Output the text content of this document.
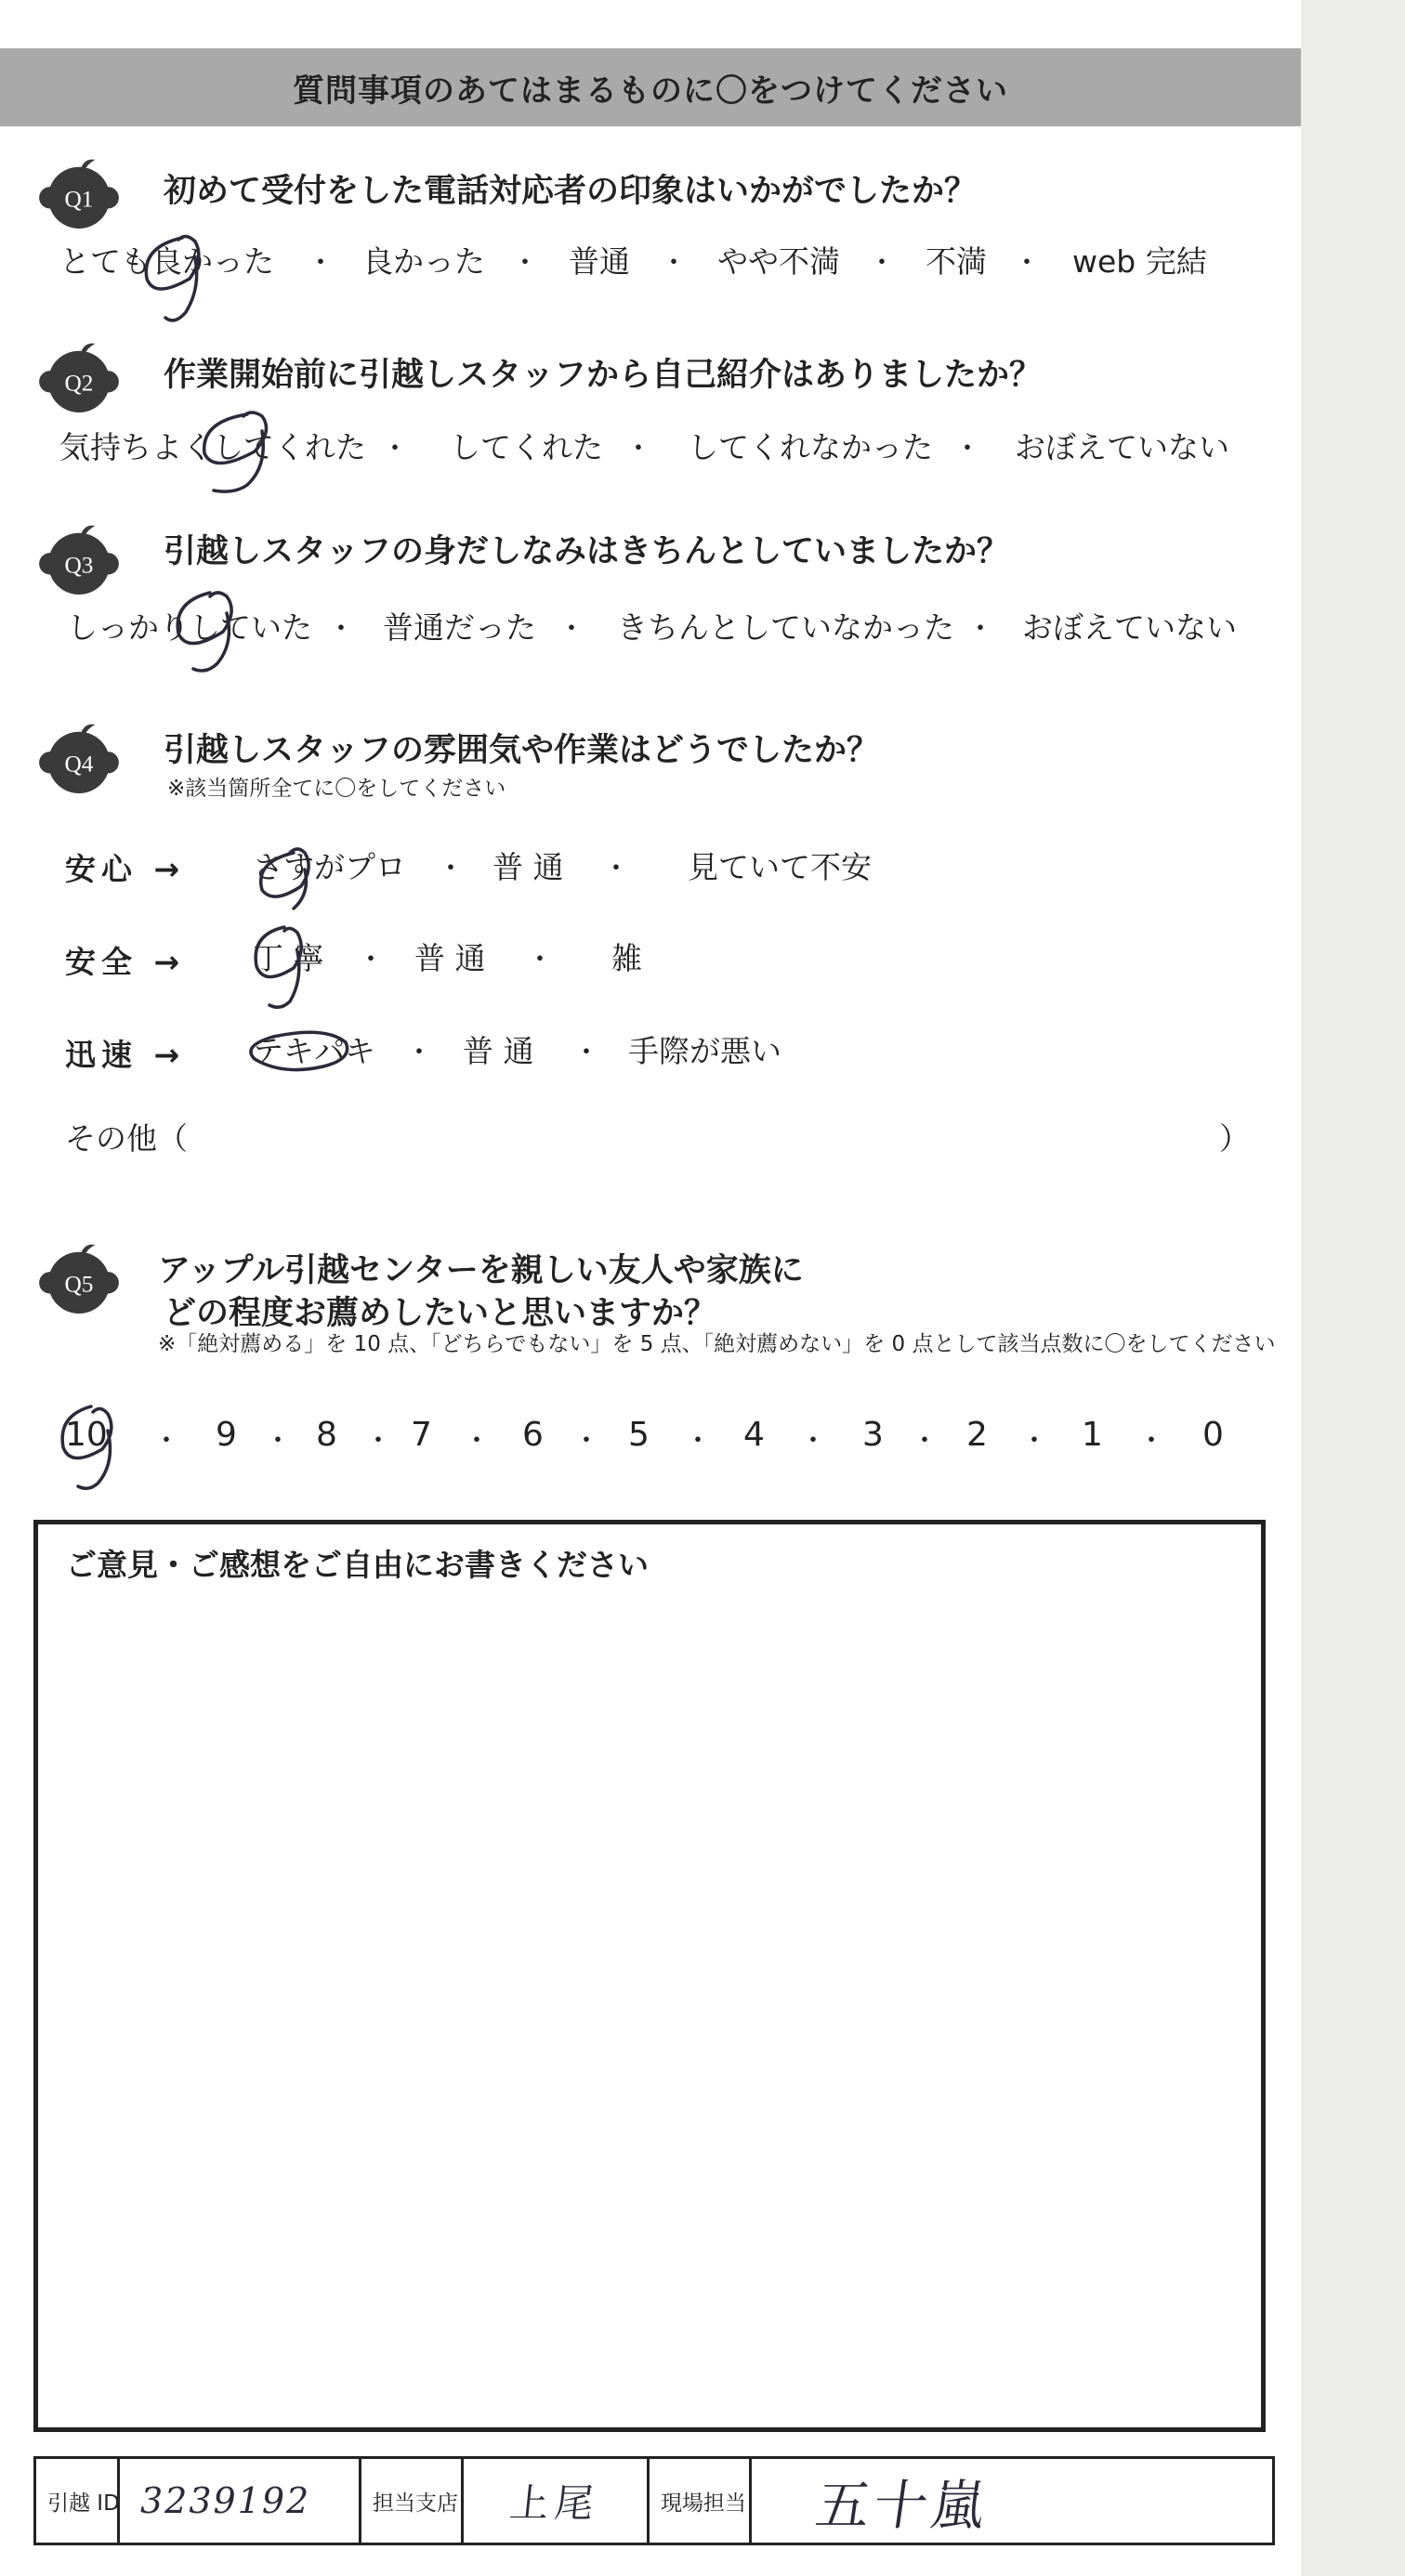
質問事項のあてはまるものに〇をつけてください
Q1 初めて受付をした電話対応者の印象はいかがでしたか？
とても良かった ・ 良かった ・ 普通 ・ やや不満 ・ 不満 ・ web 完結
Q2 作業開始前に引越しスタッフから自己紹介はありましたか？
気持ちよくしてくれた ・ してくれた ・ してくれなかった ・ おぼえていない
Q3 引越しスタッフの身だしなみはきちんとしていましたか？
しっかりしていた ・ 普通だった ・ きちんとしていなかった ・ おぼえていない
Q4 引越しスタッフの雰囲気や作業はどうでしたか？
※該当箇所全てに〇をしてください
安心 → さすがプロ ・ 普 通 ・ 見ていて不安
安全 → 丁 寧 ・ 普 通 ・ 雑
迅速 → テキパキ ・ 普 通 ・ 手際が悪い
その他（	）
Q5 アップル引越センターを親しい友人や家族に
どの程度お薦めしたいと思いますか？
※「絶対薦める」を 10 点、「どちらでもない」を 5 点、「絶対薦めない」を 0 点として該当点数に〇をしてください
10 ・ 9 ・ 8 ・ 7 ・ 6 ・ 5 ・ 4 ・ 3 ・ 2 ・ 1 ・ 0
ご意見・ご感想をご自由にお書きください
引越 ID 3239192	担当支店 上尾	現場担当	五十嵐
